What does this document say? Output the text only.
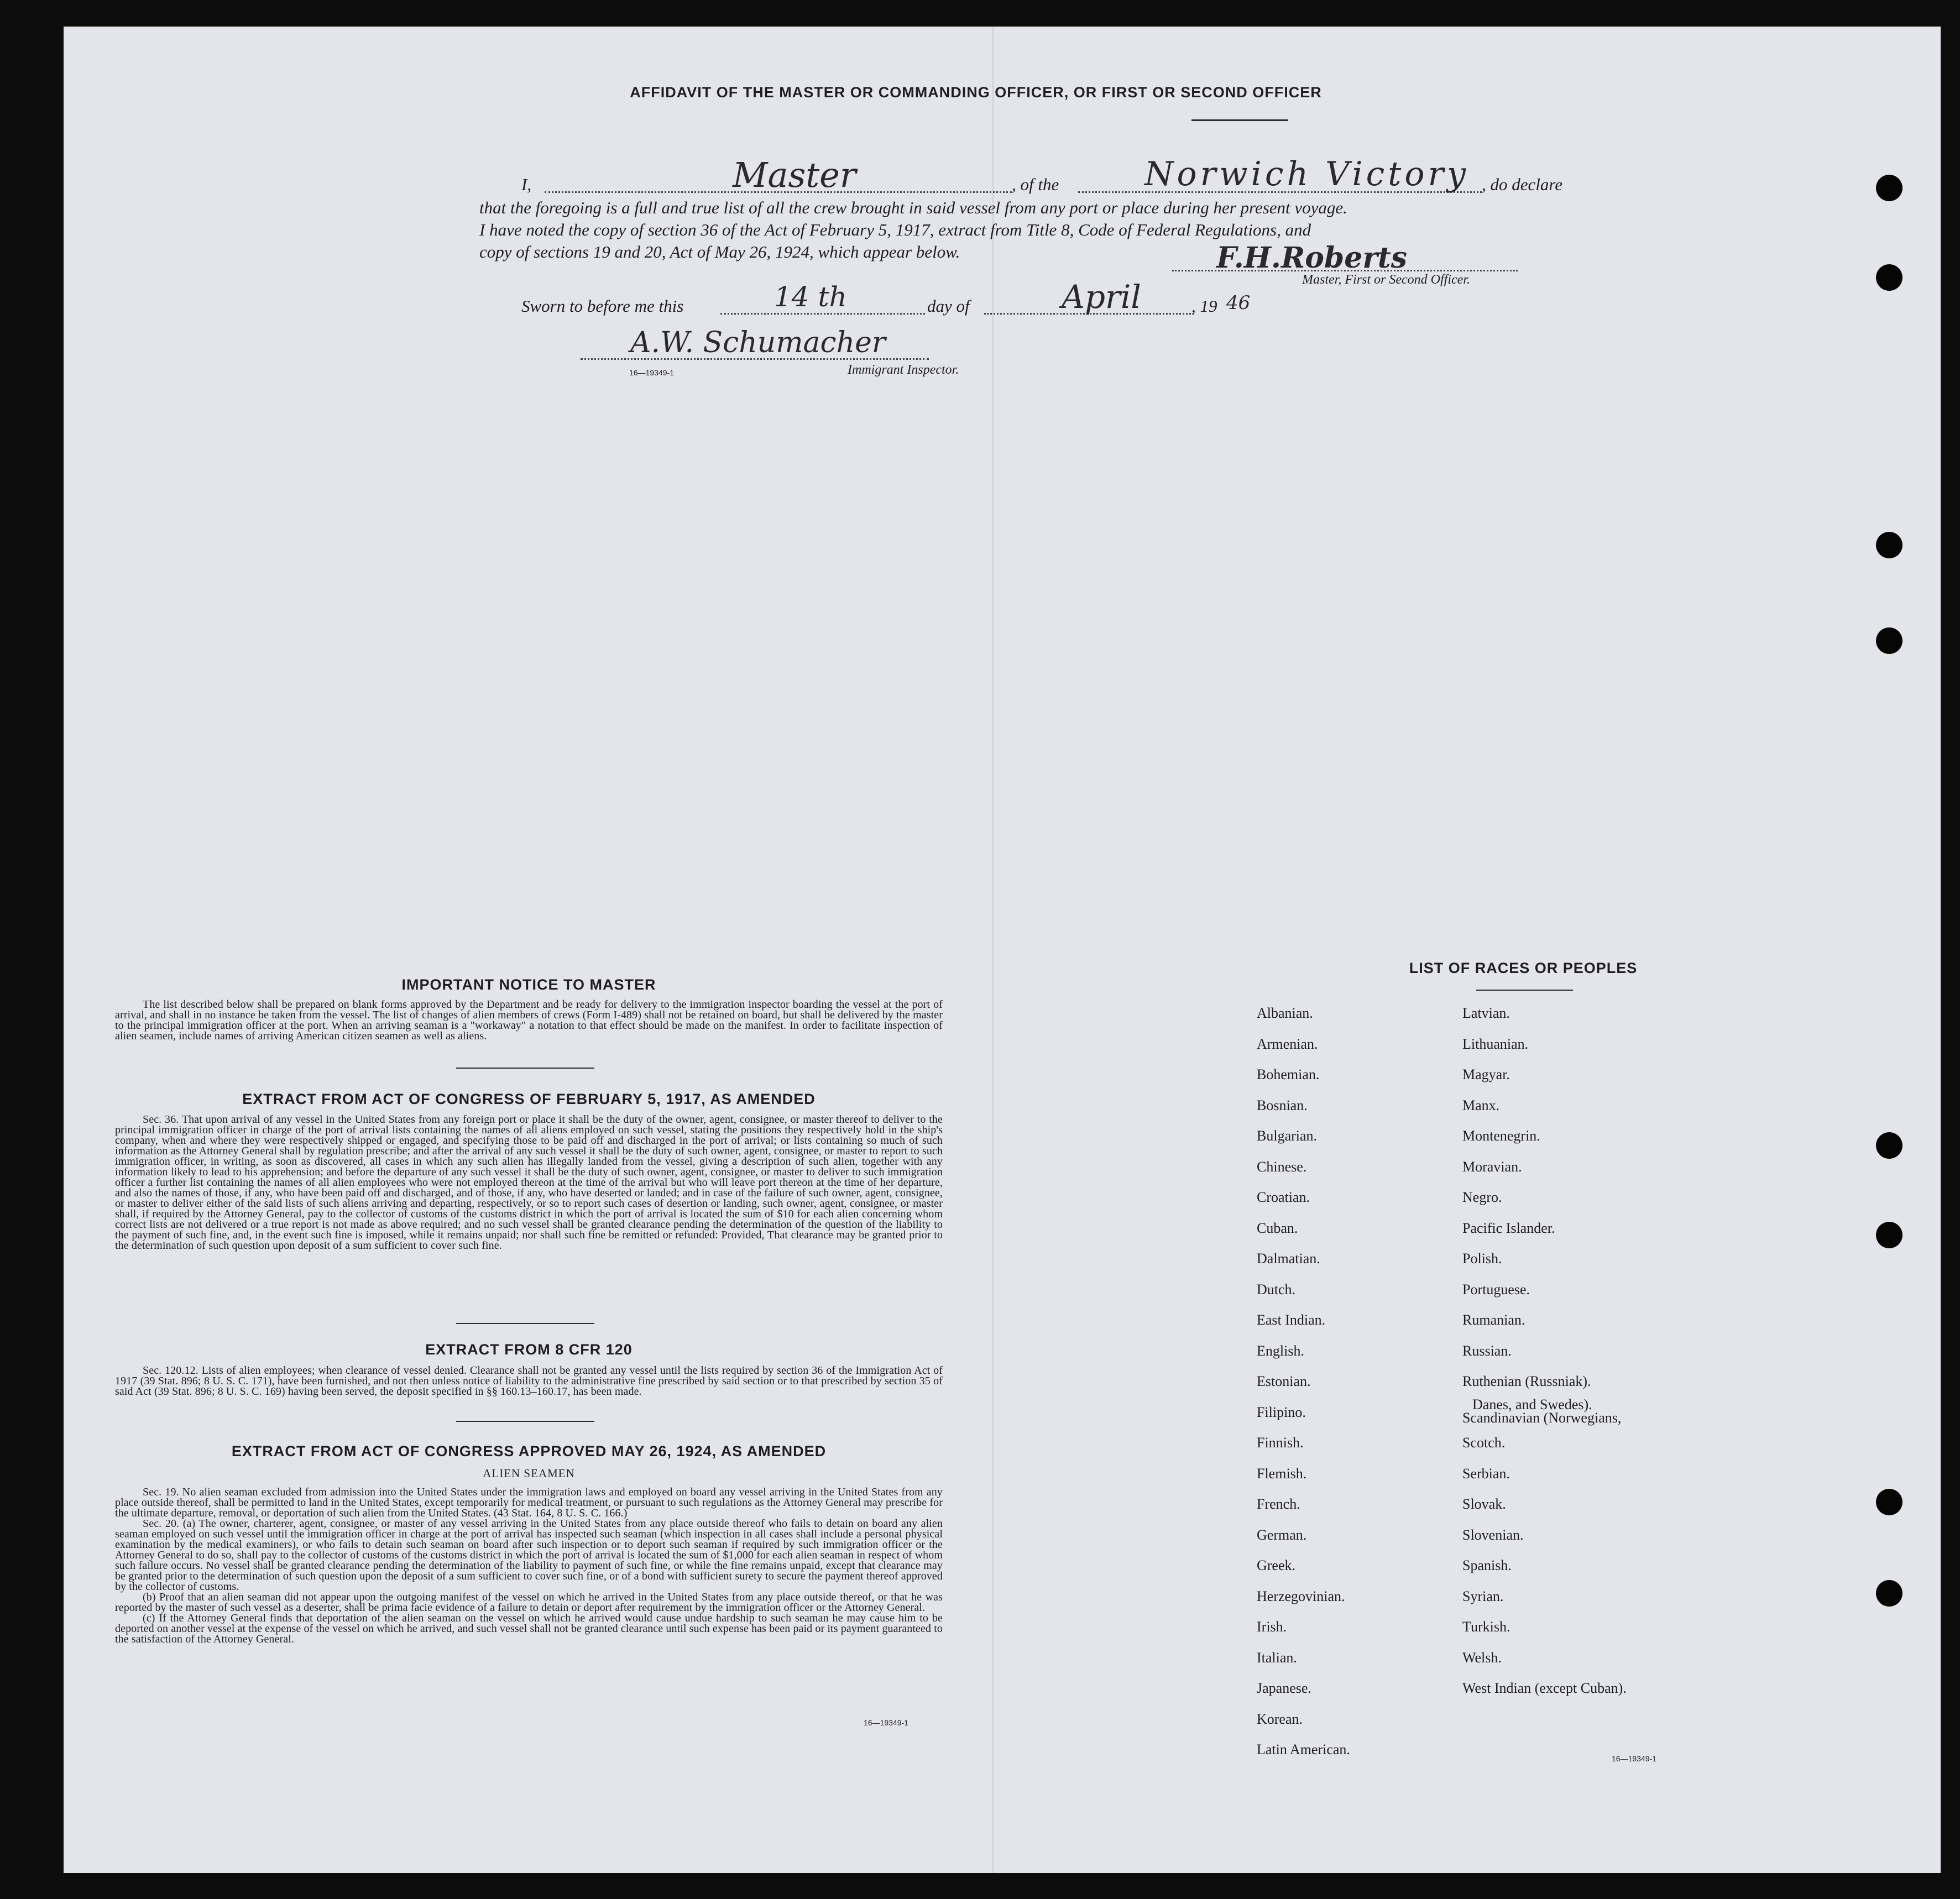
AFFIDAVIT OF THE MASTER OR COMMANDING OFFICER, OR FIRST OR SECOND OFFICER
I,	Master	, of the	Norwich Victory , do declare
that the foregoing is a full and true list of all the crew brought in said vessel from any port or place during her present voyage.
I have noted the copy of section 36 of the Act of February 5, 1917, extract from Title 8, Code of Federal Regulations, and
copy of sections 19 and 20, Act of May 26, 1924, which appear below.	F.H.Roberts
Master, First or Second Officer.
Sworn to before me this	14 th	day of	April	, 19 46
A.W. Schumacher
16—19349-1	Immigrant Inspector.
IMPORTANT NOTICE TO MASTER

The list described below shall be prepared on blank forms approved by the Department and be ready for delivery to the immigration inspector boarding the vessel at the port of arrival, and shall in no instance be taken from the vessel. The list of changes of alien members of crews (Form I-489) shall not be retained on board, but shall be delivered by the master to the principal immigration officer at the port. When an arriving seaman is a "workaway" a notation to that effect should be made on the manifest. In order to facilitate inspection of alien seamen, include names of arriving American citizen seamen as well as aliens.

EXTRACT FROM ACT OF CONGRESS OF FEBRUARY 5, 1917, AS AMENDED

Sec. 36. That upon arrival of any vessel in the United States from any foreign port or place it shall be the duty of the owner, agent, consignee, or master thereof to deliver to the principal immigration officer in charge of the port of arrival lists containing the names of all aliens employed on such vessel, stating the positions they respectively hold in the ship's company, when and where they were respectively shipped or engaged, and specifying those to be paid off and discharged in the port of arrival; or lists containing so much of such information as the Attorney General shall by regulation prescribe; and after the arrival of any such vessel it shall be the duty of such owner, agent, consignee, or master to report to such immigration officer, in writing, as soon as discovered, all cases in which any such alien has illegally landed from the vessel, giving a description of such alien, together with any information likely to lead to his apprehension; and before the departure of any such vessel it shall be the duty of such owner, agent, consignee, or master to deliver to such immigration officer a further list containing the names of all alien employees who were not employed thereon at the time of the arrival but who will leave port thereon at the time of her departure, and also the names of those, if any, who have been paid off and discharged, and of those, if any, who have deserted or landed; and in case of the failure of such owner, agent, consignee, or master to deliver either of the said lists of such aliens arriving and departing, respectively, or so to report such cases of desertion or landing, such owner, agent, consignee, or master shall, if required by the Attorney General, pay to the collector of customs of the customs district in which the port of arrival is located the sum of $10 for each alien concerning whom correct lists are not delivered or a true report is not made as above required; and no such vessel shall be granted clearance pending the determination of the question of the liability to the payment of such fine, and, in the event such fine is imposed, while it remains unpaid; nor shall such fine be remitted or refunded: Provided, That clearance may be granted prior to the determination of such question upon deposit of a sum sufficient to cover such fine.

EXTRACT FROM 8 CFR 120

Sec. 120.12. Lists of alien employees; when clearance of vessel denied. Clearance shall not be granted any vessel until the lists required by section 36 of the Immigration Act of 1917 (39 Stat. 896; 8 U. S. C. 171), have been furnished, and not then unless notice of liability to the administrative fine prescribed by said section or to that prescribed by section 35 of said Act (39 Stat. 896; 8 U. S. C. 169) having been served, the deposit specified in §§ 160.13–160.17, has been made.

EXTRACT FROM ACT OF CONGRESS APPROVED MAY 26, 1924, AS AMENDED
ALIEN SEAMEN

Sec. 19. No alien seaman excluded from admission into the United States under the immigration laws and employed on board any vessel arriving in the United States from any place outside thereof, shall be permitted to land in the United States, except temporarily for medical treatment, or pursuant to such regulations as the Attorney General may prescribe for the ultimate departure, removal, or deportation of such alien from the United States. (43 Stat. 164, 8 U. S. C. 166.)

Sec. 20. (a) The owner, charterer, agent, consignee, or master of any vessel arriving in the United States from any place outside thereof who fails to detain on board any alien seaman employed on such vessel until the immigration officer in charge at the port of arrival has inspected such seaman (which inspection in all cases shall include a personal physical examination by the medical examiners), or who fails to detain such seaman on board after such inspection or to deport such seaman if required by such immigration officer or the Attorney General to do so, shall pay to the collector of customs of the customs district in which the port of arrival is located the sum of $1,000 for each alien seaman in respect of whom such failure occurs. No vessel shall be granted clearance pending the determination of the liability to payment of such fine, or while the fine remains unpaid, except that clearance may be granted prior to the determination of such question upon the deposit of a sum sufficient to cover such fine, or of a bond with sufficient surety to secure the payment thereof approved by the collector of customs.

(b) Proof that an alien seaman did not appear upon the outgoing manifest of the vessel on which he arrived in the United States from any place outside thereof, or that he was reported by the master of such vessel as a deserter, shall be prima facie evidence of a failure to detain or deport after requirement by the immigration officer or the Attorney General.

(c) If the Attorney General finds that deportation of the alien seaman on the vessel on which he arrived would cause undue hardship to such seaman he may cause him to be deported on another vessel at the expense of the vessel on which he arrived, and such vessel shall not be granted clearance until such expense has been paid or its payment guaranteed to the satisfaction of the Attorney General.

16—19349-1
LIST OF RACES OR PEOPLES
16—19349-1
Albanian.
Armenian.
Bohemian.
Bosnian.
Bulgarian.
Chinese.
Croatian.
Cuban.
Dalmatian.
Dutch.
East Indian.
English.
Estonian.
Filipino.
Finnish.
Flemish.
French.
German.
Greek.
Herzegovinian.
Irish.
Italian.
Japanese.
Korean.
Latin American.
Latvian.
Lithuanian.
Magyar.
Manx.
Montenegrin.
Moravian.
Negro.
Pacific Islander.
Polish.
Portuguese.
Rumanian.
Russian.
Ruthenian (Russniak).
Scandinavian (Norwegians,
Danes, and Swedes).
Scotch.
Serbian.
Slovak.
Slovenian.
Spanish.
Syrian.
Turkish.
Welsh.
West Indian (except Cuban).
